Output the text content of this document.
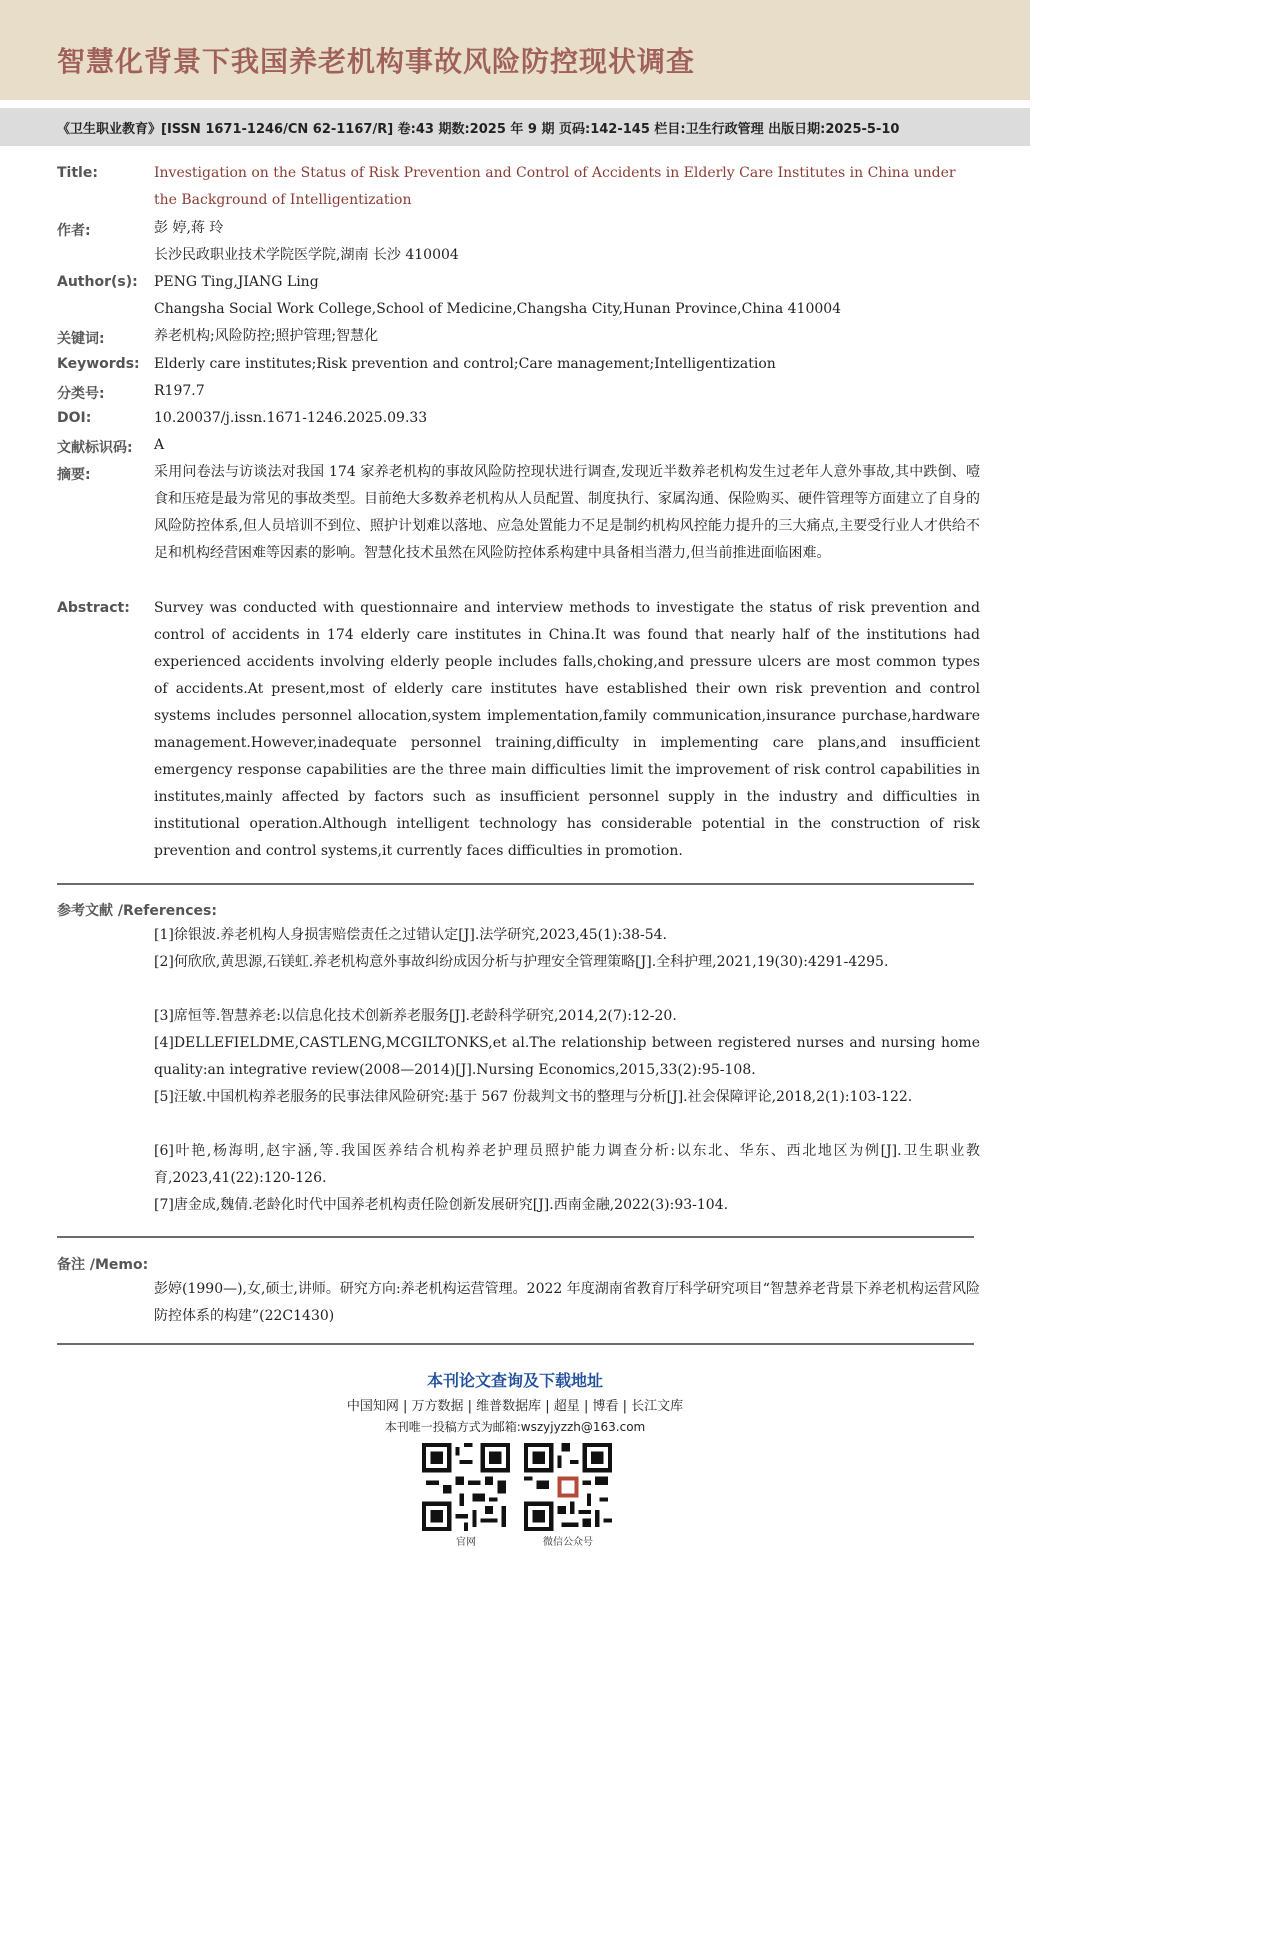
智慧化背景下我国养老机构事故风险防控现状调查
《卫生职业教育》[ISSN 1671-1246/CN 62-1167/R] 卷:43 期数:2025 年 9 期 页码:142-145 栏目:卫生行政管理 出版日期:2025-5-10
Title:	Investigation on the Status of Risk Prevention and Control of Accidents in Elderly Care Institutes in China under the Background of Intelligentization
作者:	彭 婷,蒋 玲
长沙民政职业技术学院医学院,湖南 长沙 410004
Author(s): PENG Ting,JIANG Ling
Changsha Social Work College,School of Medicine,Changsha City,Hunan Province,China 410004
关键词:	养老机构;风险防控;照护管理;智慧化
Keywords: Elderly care institutes;Risk prevention and control;Care management;Intelligentization
分类号:	R197.7
DOI:	10.20037/j.issn.1671-1246.2025.09.33
文献标识码: A
摘要:	采用问卷法与访谈法对我国 174 家养老机构的事故风险防控现状进行调查,发现近半数养老机构发生过老年人意外事故,其中跌倒、噎食和压疮是最为常见的事故类型。目前绝大多数养老机构从人员配置、制度执行、家属沟通、保险购买、硬件管理等方面建立了自身的风险防控体系,但人员培训不到位、照护计划难以落地、应急处置能力不足是制约机构风控能力提升的三大痛点,主要受行业人才供给不足和机构经营困难等因素的影响。智慧化技术虽然在风险防控体系构建中具备相当潜力,但当前推进面临困难。
Abstract: Survey was conducted with questionnaire and interview methods to investigate the status of risk prevention and control of accidents in 174 elderly care institutes in China.It was found that nearly half of the institutions had experienced accidents involving elderly people includes falls,choking,and pressure ulcers are most common types of accidents.At present,most of elderly care institutes have established their own risk prevention and control systems includes personnel allocation,system implementation,family communication,insurance purchase,hardware management.However,inadequate personnel training,difficulty in implementing care plans,and insufficient emergency response capabilities are the three main difficulties limit the improvement of risk control capabilities in institutes,mainly affected by factors such as insufficient personnel supply in the industry and difficulties in institutional operation.Although intelligent technology has considerable potential in the construction of risk prevention and control systems,it currently faces difficulties in promotion.
参考文献 /References:
[1]徐银波.养老机构人身损害赔偿责任之过错认定[J].法学研究,2023,45(1):38-54.
[2]何欣欣,黄思源,石镁虹.养老机构意外事故纠纷成因分析与护理安全管理策略[J].全科护理,2021,19(30):4291-4295.
[3]席恒等.智慧养老:以信息化技术创新养老服务[J].老龄科学研究,2014,2(7):12-20.
[4]DELLEFIELDME,CASTLENG,MCGILTONKS,et al.The relationship between registered nurses and nursing home quality:an integrative review(2008—2014)[J].Nursing Economics,2015,33(2):95-108.
[5]汪敏.中国机构养老服务的民事法律风险研究:基于 567 份裁判文书的整理与分析[J].社会保障评论,2018,2(1):103-122.
[6]叶艳,杨海明,赵宇涵,等.我国医养结合机构养老护理员照护能力调查分析:以东北、华东、西北地区为例[J].卫生职业教育,2023,41(22):120-126.
[7]唐金成,魏倩.老龄化时代中国养老机构责任险创新发展研究[J].西南金融,2022(3):93-104.
备注 /Memo:
彭婷(1990—),女,硕士,讲师。研究方向:养老机构运营管理。2022 年度湖南省教育厅科学研究项目“智慧养老背景下养老机构运营风险防控体系的构建”(22C1430)
本刊论文查询及下载地址
中国知网 | 万方数据 | 维普数据库 | 超星 | 博看 | 长江文库
本刊唯一投稿方式为邮箱:wszyjyzzh@163.com
官网	微信公众号
